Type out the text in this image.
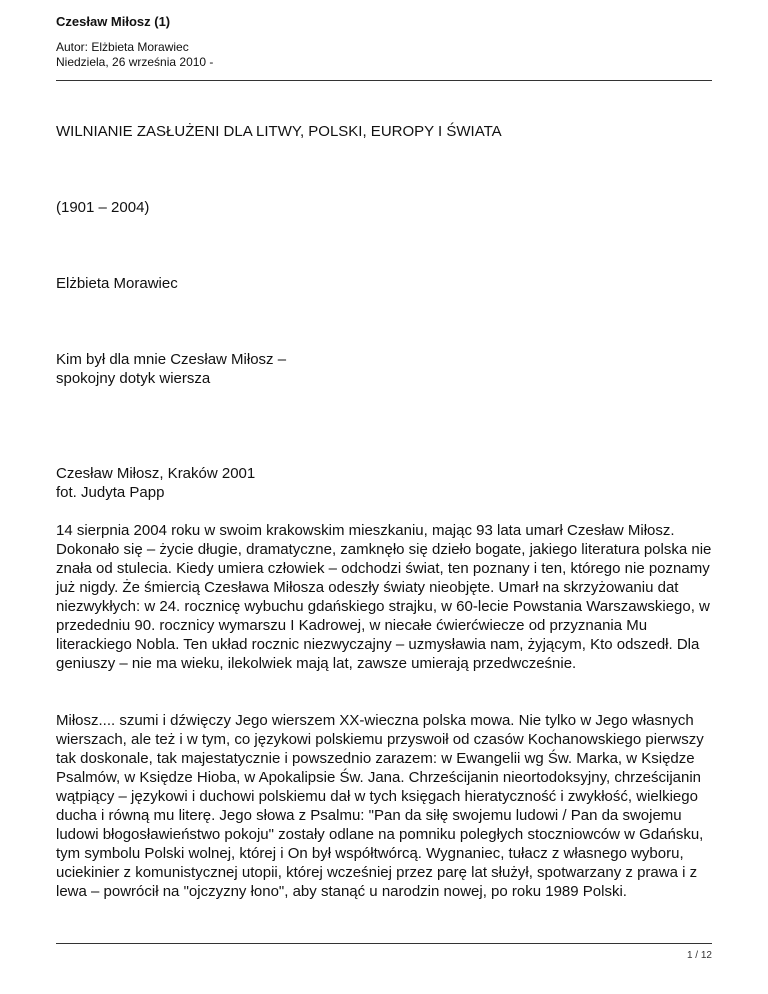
Czesław Miłosz (1)
Autor: Elżbieta Morawiec
Niedziela, 26 września 2010 -

WILNIANIE ZASŁUŻENI DLA LITWY, POLSKI, EUROPY I ŚWIATA

(1901 – 2004)

Elżbieta Morawiec

Kim był dla mnie Czesław Miłosz –
spokojny dotyk wiersza

Czesław Miłosz, Kraków 2001
fot. Judyta Papp

14 sierpnia 2004 roku w swoim krakowskim mieszkaniu, mając 93 lata umarł Czesław Miłosz. Dokonało się – życie długie, dramatyczne, zamknęło się dzieło bogate, jakiego literatura polska nie znała od stulecia. Kiedy umiera człowiek – odchodzi świat, ten poznany i ten, którego nie poznamy już nigdy. Że śmiercią Czesława Miłosza odeszły światy nieobjęte. Umarł na skrzyżowaniu dat niezwykłych: w 24. rocznicę wybuchu gdańskiego strajku, w 60-lecie Powstania Warszawskiego, w przededniu 90. rocznicy wymarszu I Kadrowej, w niecałe ćwierćwiecze od przyznania Mu literackiego Nobla. Ten układ rocznic niezwyczajny – uzmysławia nam, żyjącym, Kto odszedł. Dla geniuszy – nie ma wieku, ilekolwiek mają lat, zawsze umierają przedwcześnie.

Miłosz.... szumi i dźwięczy Jego wierszem XX-wieczna polska mowa. Nie tylko w Jego własnych wierszach, ale też i w tym, co językowi polskiemu przyswoił od czasów Kochanowskiego pierwszy tak doskonale, tak majestatycznie i powszednio zarazem: w Ewangelii wg Św. Marka, w Księdze Psalmów, w Księdze Hioba, w Apokalipsie Św. Jana. Chrześcijanin nieortodoksyjny, chrześcijanin wątpiący – językowi i duchowi polskiemu dał w tych księgach hieratyczność i zwykłość, wielkiego ducha i równą mu literę. Jego słowa z Psalmu: "Pan da siłę swojemu ludowi / Pan da swojemu ludowi błogosławieństwo pokoju" zostały odlane na pomniku poległych stoczniowców w Gdańsku, tym symbolu Polski wolnej, której i On był współtwórcą. Wygnaniec, tułacz z własnego wyboru, uciekinier z komunistycznej utopii, której wcześniej przez parę lat służył, spotwarzany z prawa i z lewa – powrócił na "ojczyzny łono", aby stanąć u narodzin nowej, po roku 1989 Polski.

1 / 12
